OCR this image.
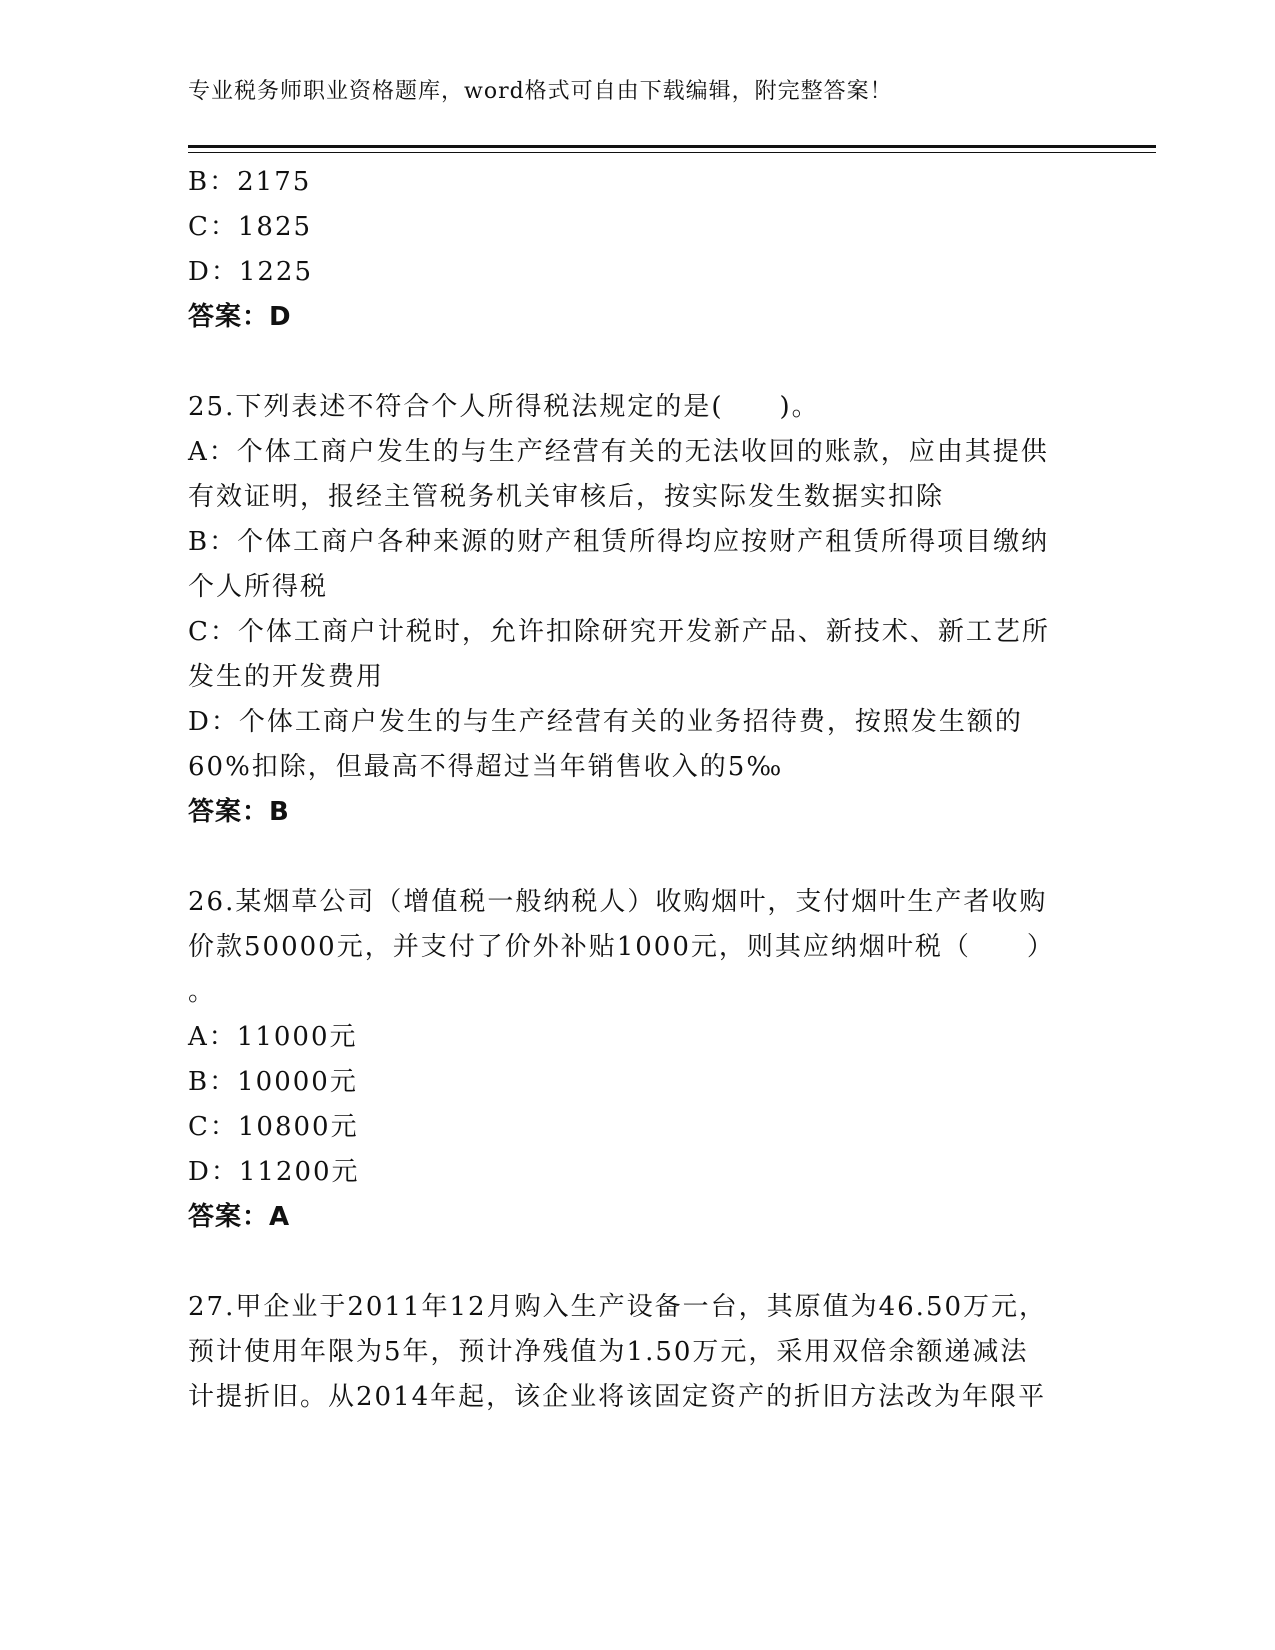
专业税务师职业资格题库，word格式可自由下载编辑，附完整答案！
B：2175
C：1825
D：1225
答案：D
25.下列表述不符合个人所得税法规定的是(　　)。
A：个体工商户发生的与生产经营有关的无法收回的账款，应由其提供
有效证明，报经主管税务机关审核后，按实际发生数据实扣除
B：个体工商户各种来源的财产租赁所得均应按财产租赁所得项目缴纳
个人所得税
C：个体工商户计税时，允许扣除研究开发新产品、新技术、新工艺所
发生的开发费用
D：个体工商户发生的与生产经营有关的业务招待费，按照发生额的
60%扣除，但最高不得超过当年销售收入的5‰
答案：B
26.某烟草公司（增值税一般纳税人）收购烟叶，支付烟叶生产者收购
价款50000元，并支付了价外补贴1000元，则其应纳烟叶税（　　）
。
A：11000元
B：10000元
C：10800元
D：11200元
答案：A
27.甲企业于2011年12月购入生产设备一台，其原值为46.50万元，
预计使用年限为5年，预计净残值为1.50万元，采用双倍余额递减法
计提折旧。从2014年起，该企业将该固定资产的折旧方法改为年限平
